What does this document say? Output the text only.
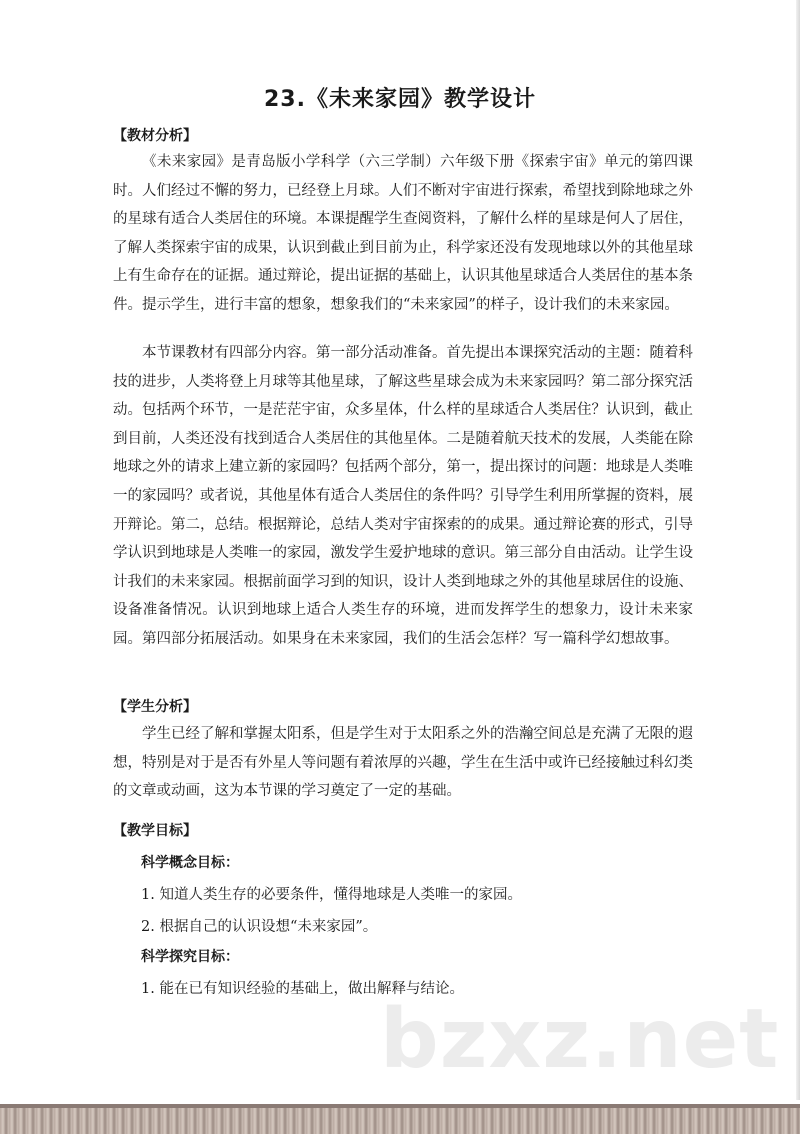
23.《未来家园》教学设计
【教材分析】

《未来家园》是青岛版小学科学（六三学制）六年级下册《探索宇宙》单元的第四课时。人们经过不懈的努力，已经登上月球。人们不断对宇宙进行探索，希望找到除地球之外的星球有适合人类居住的环境。本课提醒学生查阅资料，了解什么样的星球是何人了居住，了解人类探索宇宙的成果，认识到截止到目前为止，科学家还没有发现地球以外的其他星球上有生命存在的证据。通过辩论，提出证据的基础上，认识其他星球适合人类居住的基本条件。提示学生，进行丰富的想象，想象我们的“未来家园”的样子，设计我们的未来家园。

本节课教材有四部分内容。第一部分活动准备。首先提出本课探究活动的主题：随着科技的进步，人类将登上月球等其他星球，了解这些星球会成为未来家园吗？第二部分探究活动。包括两个环节，一是茫茫宇宙，众多星体，什么样的星球适合人类居住？认识到，截止到目前，人类还没有找到适合人类居住的其他星体。二是随着航天技术的发展，人类能在除地球之外的请求上建立新的家园吗？包括两个部分，第一，提出探讨的问题：地球是人类唯一的家园吗？或者说，其他星体有适合人类居住的条件吗？引导学生利用所掌握的资料，展开辩论。第二，总结。根据辩论，总结人类对宇宙探索的的成果。通过辩论赛的形式，引导学认识到地球是人类唯一的家园，激发学生爱护地球的意识。第三部分自由活动。让学生设计我们的未来家园。根据前面学习到的知识，设计人类到地球之外的其他星球居住的设施、设备准备情况。认识到地球上适合人类生存的环境，进而发挥学生的想象力，设计未来家园。第四部分拓展活动。如果身在未来家园，我们的生活会怎样？写一篇科学幻想故事。

【学生分析】

学生已经了解和掌握太阳系，但是学生对于太阳系之外的浩瀚空间总是充满了无限的遐想，特别是对于是否有外星人等问题有着浓厚的兴趣，学生在生活中或许已经接触过科幻类的文章或动画，这为本节课的学习奠定了一定的基础。

【教学目标】
科学概念目标：
1. 知道人类生存的必要条件，懂得地球是人类唯一的家园。
2. 根据自己的认识设想“未来家园”。
科学探究目标：
1. 能在已有知识经验的基础上，做出解释与结论。
bzxz.net
